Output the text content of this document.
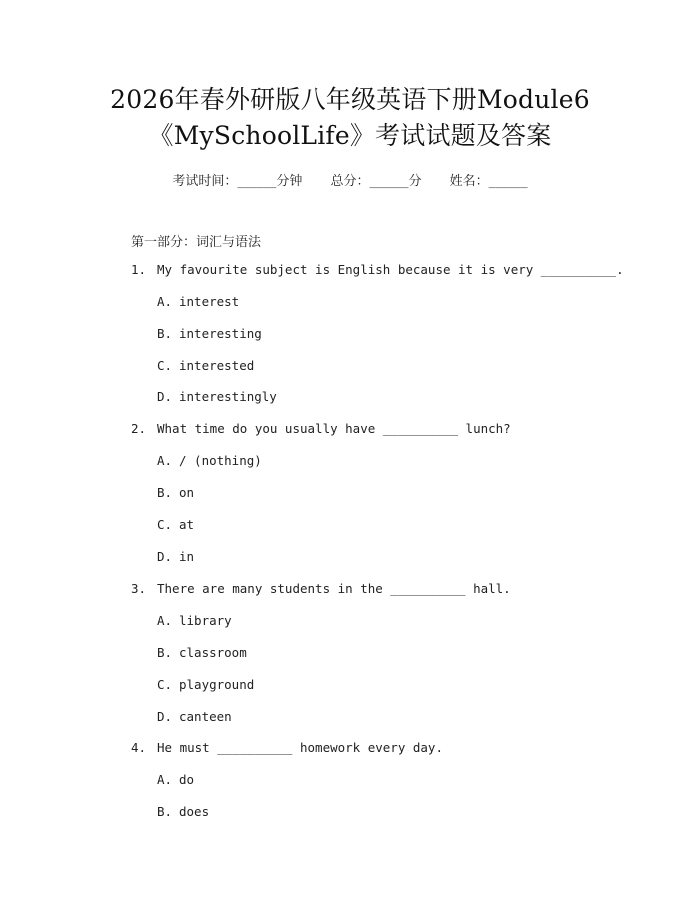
2026年春外研版八年级英语下册Module6
《MySchoolLife》考试试题及答案
考试时间：______分钟 总分：______分 姓名：______
第一部分：词汇与语法
1. My favourite subject is English because it is very __________.
A. interest
B. interesting
C. interested
D. interestingly
2. What time do you usually have __________ lunch?
A. / (nothing)
B. on
C. at
D. in
3. There are many students in the __________ hall.
A. library
B. classroom
C. playground
D. canteen
4. He must __________ homework every day.
A. do
B. does
